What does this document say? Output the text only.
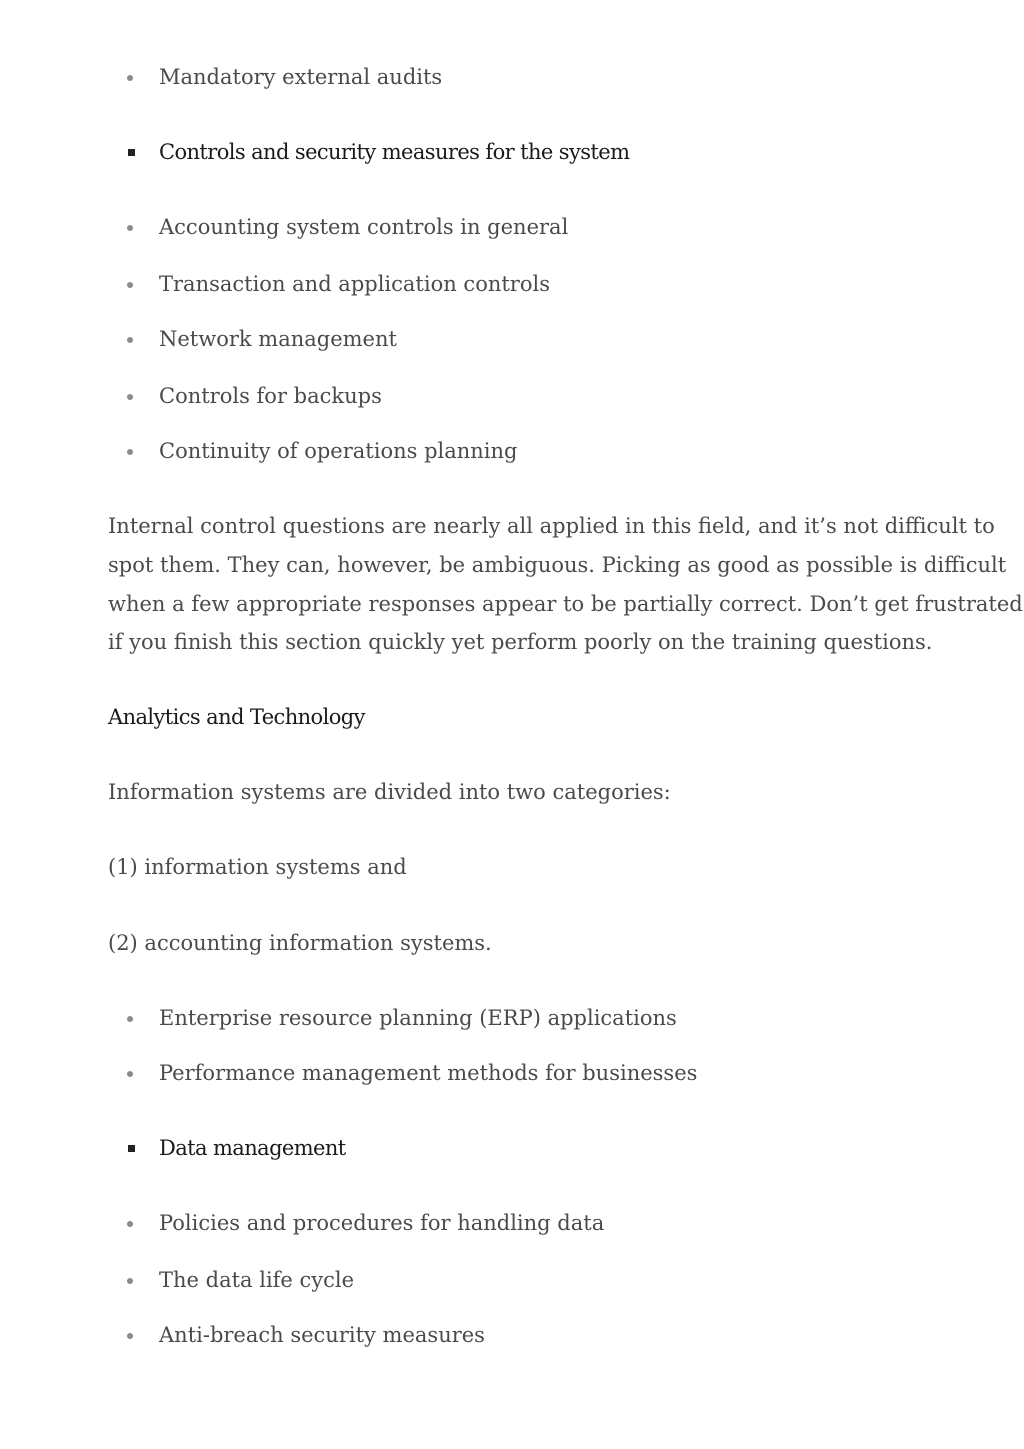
Mandatory external audits
Controls and security measures for the system
Accounting system controls in general
Transaction and application controls
Network management
Controls for backups
Continuity of operations planning
Internal control questions are nearly all applied in this field, and it’s not difficult to
spot them. They can, however, be ambiguous. Picking as good as possible is difficult
when a few appropriate responses appear to be partially correct. Don’t get frustrated
if you finish this section quickly yet perform poorly on the training questions.
Analytics and Technology
Information systems are divided into two categories:
(1) information systems and
(2) accounting information systems.
Enterprise resource planning (ERP) applications
Performance management methods for businesses
Data management
Policies and procedures for handling data
The data life cycle
Anti-breach security measures
